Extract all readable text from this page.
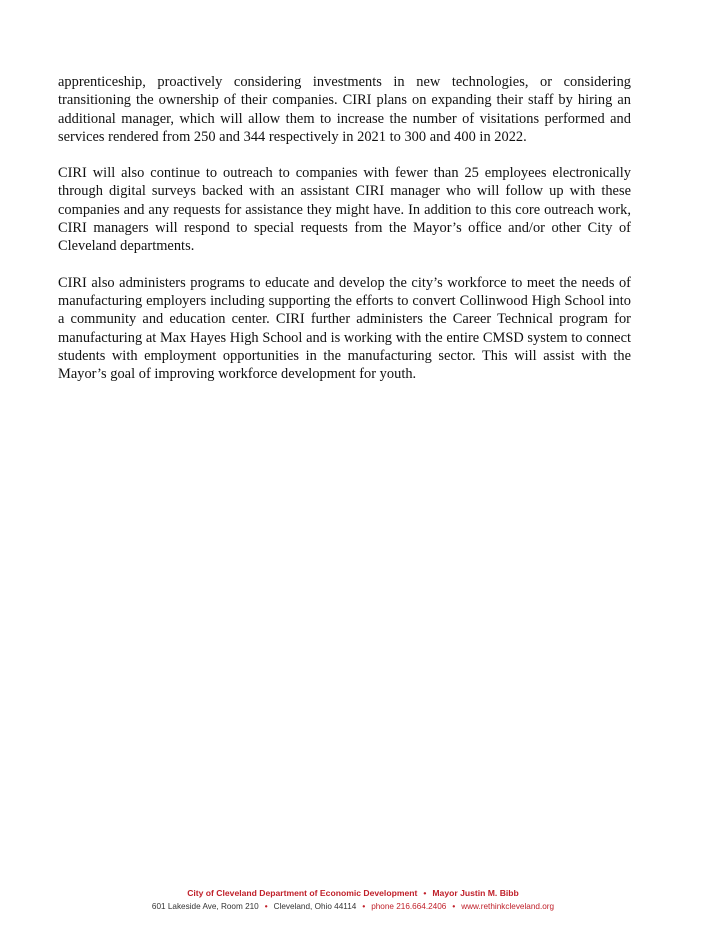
apprenticeship, proactively considering investments in new technologies, or considering transitioning the ownership of their companies. CIRI plans on expanding their staff by hiring an additional manager, which will allow them to increase the number of visitations performed and services rendered from 250 and 344 respectively in 2021 to 300 and 400 in 2022.

CIRI will also continue to outreach to companies with fewer than 25 employees electronically through digital surveys backed with an assistant CIRI manager who will follow up with these companies and any requests for assistance they might have. In addition to this core outreach work, CIRI managers will respond to special requests from the Mayor’s office and/or other City of Cleveland departments.

CIRI also administers programs to educate and develop the city’s workforce to meet the needs of manufacturing employers including supporting the efforts to convert Collinwood High School into a community and education center. CIRI further administers the Career Technical program for manufacturing at Max Hayes High School and is working with the entire CMSD system to connect students with employment opportunities in the manufacturing sector. This will assist with the Mayor’s goal of improving workforce development for youth.

City of Cleveland Department of Economic Development • Mayor Justin M. Bibb
601 Lakeside Ave, Room 210 • Cleveland, Ohio 44114 • phone 216.664.2406 • www.rethinkcleveland.org
